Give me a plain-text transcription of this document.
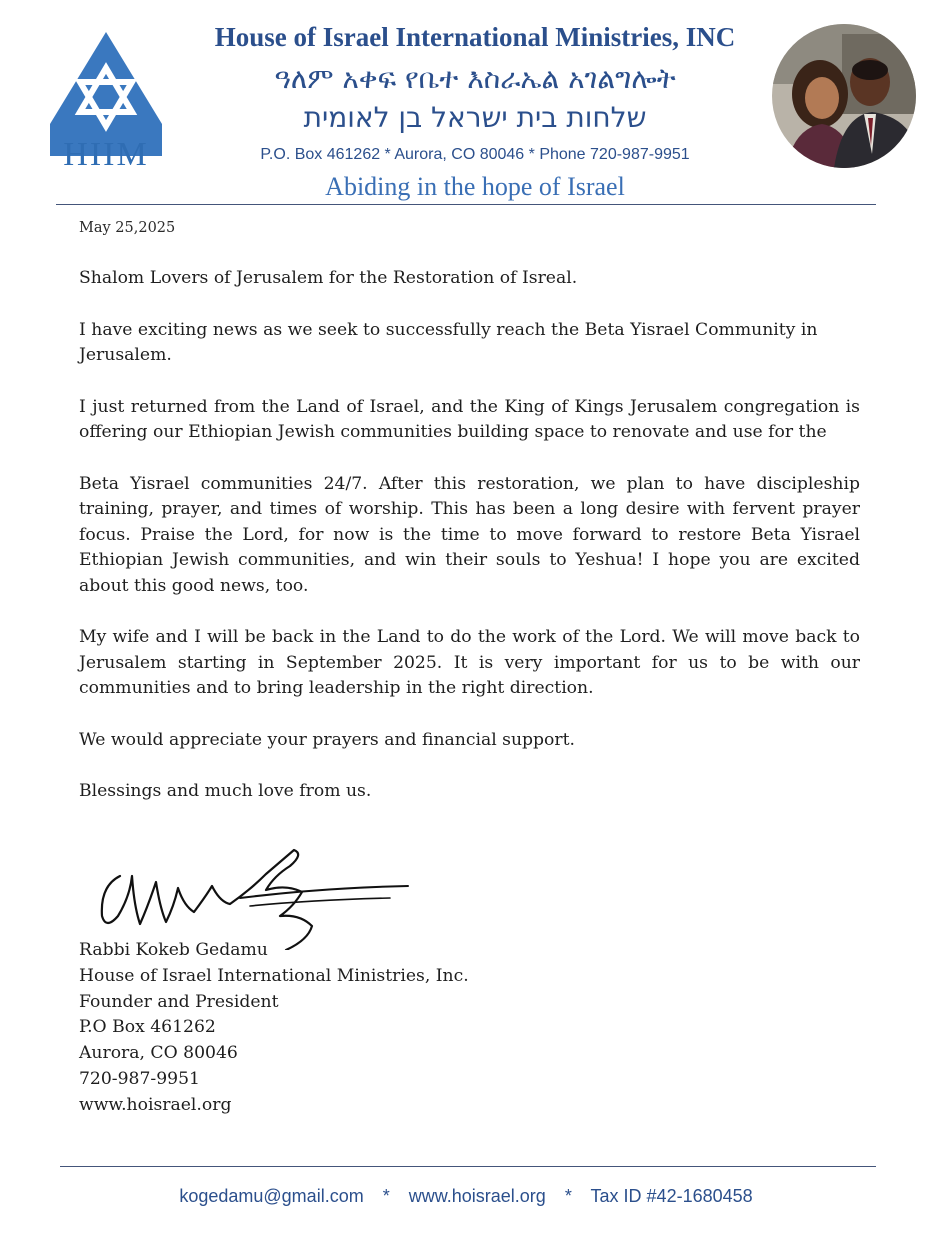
HIIM
House of Israel International Ministries, INC
ዓለም አቀፍ የቤተ እስራኤል አገልግሎት
שלחות בית ישראל בן לאומית
P.O. Box 461262 * Aurora, CO 80046 * Phone 720-987-9951
Abiding in the hope of Israel
May 25,2025

Shalom Lovers of Jerusalem for the Restoration of Isreal.

I have exciting news as we seek to successfully reach the Beta Yisrael Community in Jerusalem.

I just returned from the Land of Israel, and the King of Kings Jerusalem congregation is offering our Ethiopian Jewish communities building space to renovate and use for the

Beta Yisrael communities 24/7. After this restoration, we plan to have discipleship training, prayer, and times of worship. This has been a long desire with fervent prayer focus. Praise the Lord, for now is the time to move forward to restore Beta Yisrael Ethiopian Jewish communities, and win their souls to Yeshua! I hope you are excited about this good news, too.

My wife and I will be back in the Land to do the work of the Lord. We will move back to Jerusalem starting in September 2025. It is very important for us to be with our communities and to bring leadership in the right direction.

We would appreciate your prayers and financial support.

Blessings and much love from us.

Rabbi Kokeb Gedamu
House of Israel International Ministries, Inc.
Founder and President
P.O Box 461262
Aurora, CO 80046
720-987-9951
www.hoisrael.org
kogedamu@gmail.com * www.hoisrael.org * Tax ID #42-1680458
